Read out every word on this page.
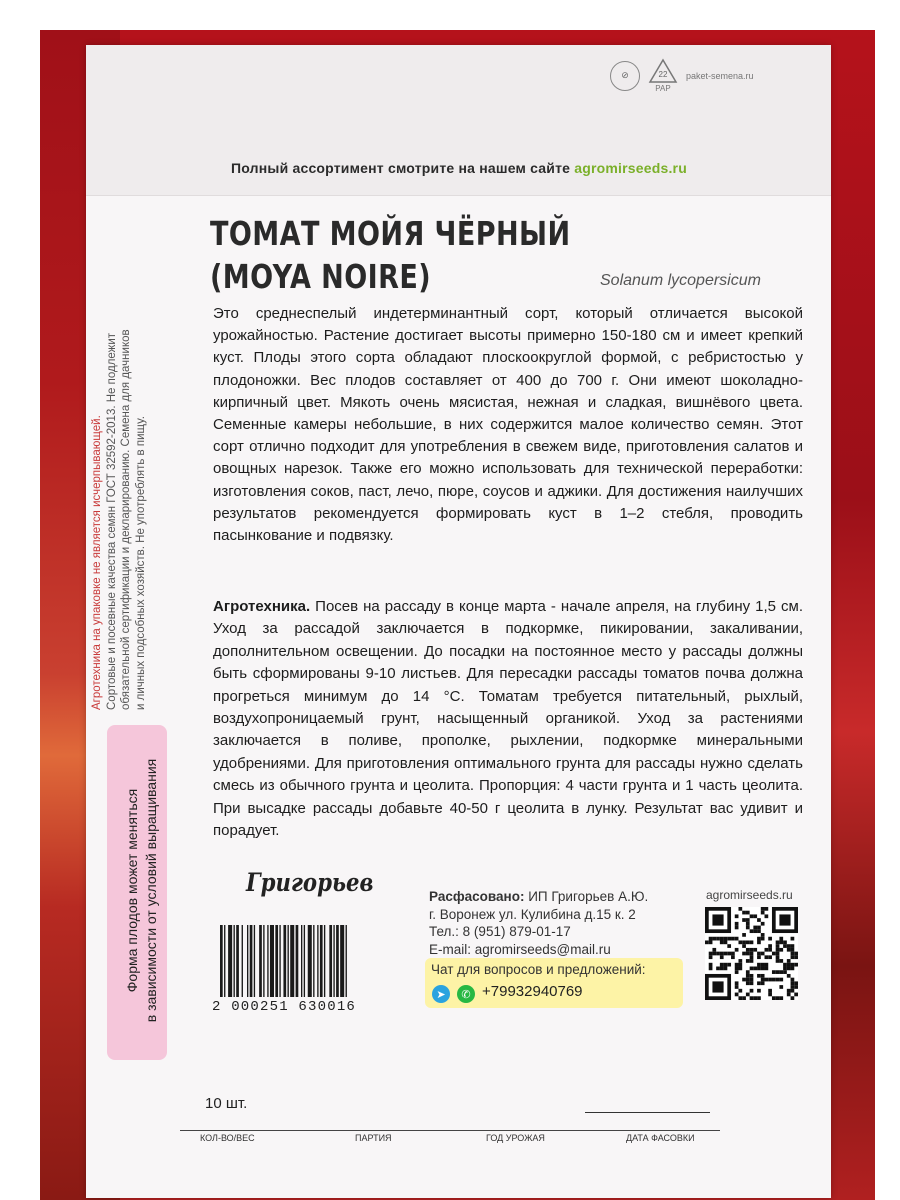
⊘	22
PAP
paket-semena.ru
Полный ассортимент смотрите на нашем сайте agromirseeds.ru
Агротехника на упаковке не является исчерпывающей. Сортовые и посевные качества семян ГОСТ 32592-2013. Не подлежит обязательной сертификации и декларированию. Семена для дачников и личных подсобных хозяйств. Не употреблять в пищу.
Форма плодов может меняться в зависимости от условий выращивания
ТОМАТ МОЙЯ ЧЁРНЫЙ
(MOYA NOIRE)	Solanum lycopersicum
Это среднеспелый индетерминантный сорт, который отличается высокой урожайностью. Растение достигает высоты примерно 150-180 см и имеет крепкий куст. Плоды этого сорта обладают плоскоокруглой формой, с ребристостью у плодоножки. Вес плодов составляет от 400 до 700 г. Они имеют шоколадно-кирпичный цвет. Мякоть очень мясистая, нежная и сладкая, вишнёвого цвета. Семенные камеры небольшие, в них содержится малое количество семян. Этот сорт отлично подходит для употребления в свежем виде, приготовления салатов и овощных нарезок. Также его можно использовать для технической переработки: изготовления соков, паст, лечо, пюре, соусов и аджики. Для достижения наилучших результатов рекомендуется формировать куст в 1–2 стебля, проводить пасынкование и подвязку.
Агротехника. Посев на рассаду в конце марта - начале апреля, на глубину 1,5 см. Уход за рассадой заключается в подкормке, пикировании, закаливании, дополнительном освещении. До посадки на постоянное место у рассады должны быть сформированы 9-10 листьев. Для пересадки рассады томатов почва должна прогреться минимум до 14 °С. Томатам требуется питательный, рыхлый, воздухопроницаемый грунт, насыщенный органикой. Уход за растениями заключается в поливе, прополке, рыхлении, подкормке минеральными удобрениями. Для приготовления оптимального грунта для рассады нужно сделать смесь из обычного грунта и цеолита. Пропорция: 4 части грунта и 1 часть цеолита. При высадке рассады добавьте 40-50 г цеолита в лунку. Результат вас удивит и порадует.
Григорьев
2 000251 630016
Расфасовано: ИП Григорьев А.Ю.
г. Воронеж ул. Кулибина д.15 к. 2
Тел.: 8 (951) 879-01-17
E-mail: agromirseeds@mail.ru
Чат для вопросов и предложений:
➤	✆ +79932940769
agromirseeds.ru
10 шт.
КОЛ-ВО/ВЕС	ПАРТИЯ	ГОД УРОЖАЯ	ДАТА ФАСОВКИ
